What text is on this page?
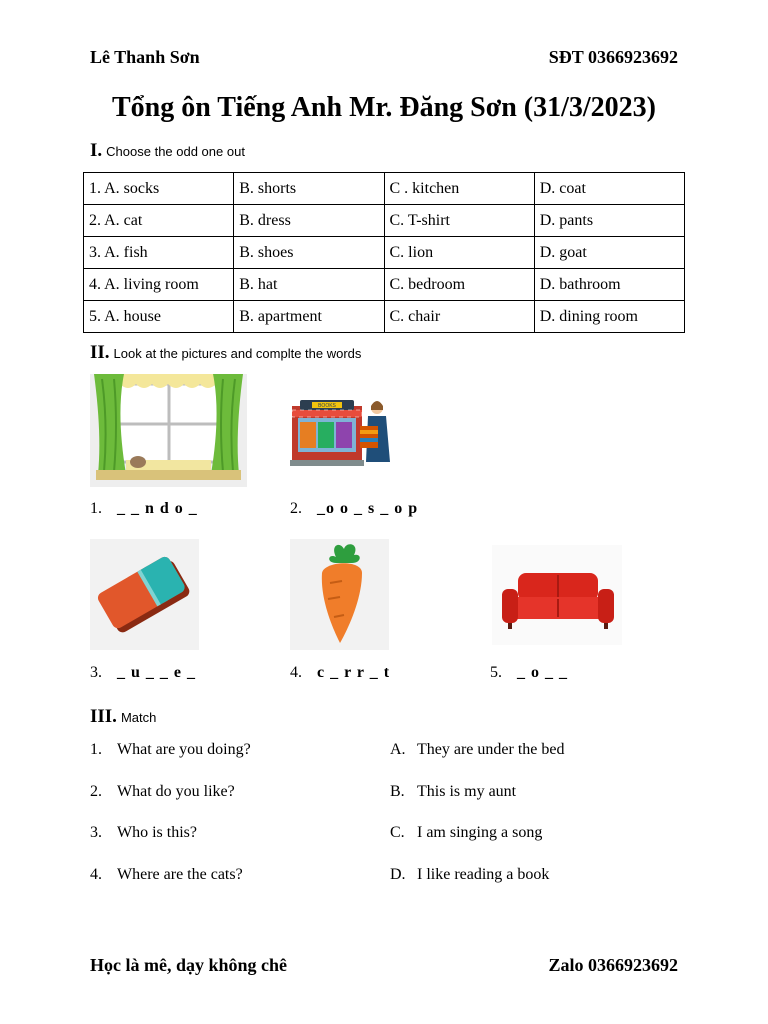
Lê Thanh Sơn	SĐT 0366923692
Tổng ôn Tiếng Anh Mr. Đăng Sơn (31/3/2023)
I. Choose the odd one out
1. A. socks	B. shorts	C . kitchen	D. coat
2. A. cat	B. dress	C. T-shirt	D. pants
3. A. fish	B. shoes	C. lion	D. goat
4. A. living room	B. hat	C. bedroom	D. bathroom
5. A. house	B. apartment	C. chair	D. dining room
II. Look at the pictures and complte the words
BOOKS
1. _ _ n d o _	2. _o o _ s _ o p
3. _ u _ _ e _	4. c _ r r _ t	5. _ o _ _
III. Match
1. What are you doing?
2. What do you like?
3. Who is this?
4. Where are the cats?
A. They are under the bed
B. This is my aunt
C. I am singing a song
D. I like reading a book
Học là mê, dạy không chê	Zalo 0366923692
